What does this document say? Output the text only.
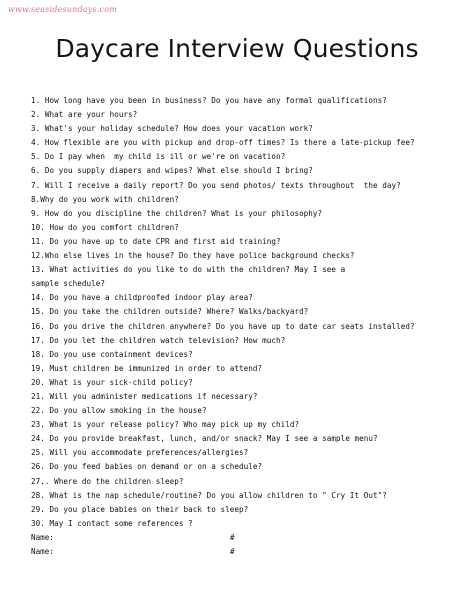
www.seasidesundays.com
Daycare Interview Questions
1. How long have you been in business? Do you have any formal qualifications?
2. What are your hours?
3. What's your holiday schedule? How does your vacation work?
4. How flexible are you with pickup and drop-off times? Is there a late-pickup fee?
5. Do I pay when  my child is ill or we're on vacation?
6. Do you supply diapers and wipes? What else should I bring?
7. Will I receive a daily report? Do you send photos/ texts throughout  the day?
8.Why do you work with children?
9. How do you discipline the children? What is your philosophy?
10. How do you comfort children?
11. Do you have up to date CPR and first aid training?
12.Who else lives in the house? Do they have police background checks?
13. What activities do you like to do with the children? May I see a
sample schedule?
14. Do you have a childproofed indoor play area?
15. Do you take the children outside? Where? Walks/backyard?
16. Do you drive the children anywhere? Do you have up to date car seats installed?
17. Do you let the children watch television? How much?
18. Do you use containment devices?
19. Must children be immunized in order to attend?
20. What is your sick-child policy?
21. Will you administer medications if necessary?
22. Do you allow smoking in the house?
23. What is your release policy? Who may pick up my child?
24. Do you provide breakfast, lunch, and/or snack? May I see a sample menu?
25. Will you accommodate preferences/allergies?
26. Do you feed babies on demand or on a schedule?
27.. Where do the children sleep?
28. What is the nap schedule/routine? Do you allow children to " Cry It Out"?
29. Do you place babies on their back to sleep?
30. May I contact some references ?
Name:	#
Name:	#
